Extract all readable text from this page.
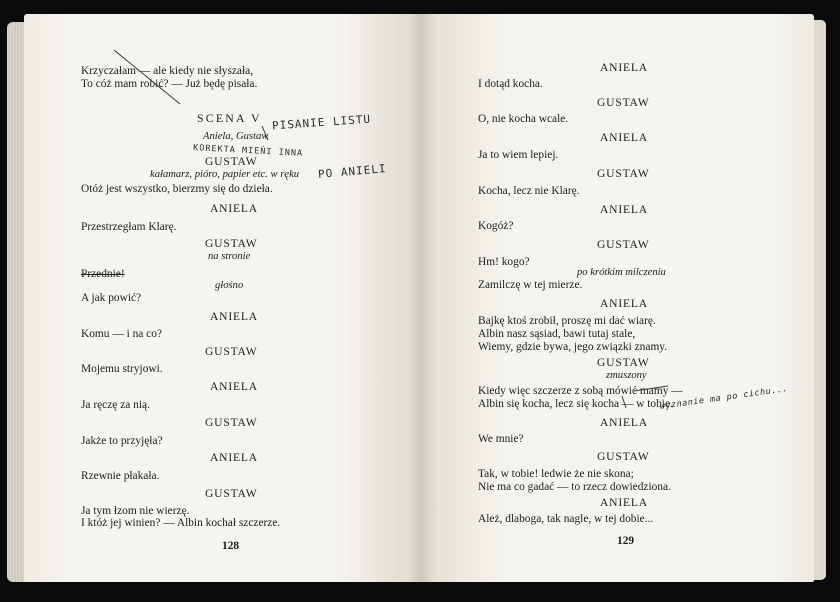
Krzyczałam — ale kiedy nie słyszała,
To cóż mam robić? — Już będę pisała.
SCENA V
Aniela, Gustaw
GUSTAW
kałamarz, pióro, papier etc. w ręku
Otóż jest wszystko, bierzmy się do dzieła.
ANIELA
Przestrzegłam Klarę.
GUSTAW
na stronie
Przednie!
głośno
A jak powić?
ANIELA
Komu — i na co?
GUSTAW
Mojemu stryjowi.
ANIELA
Ja ręczę za nią.
GUSTAW
Jakże to przyjęła?
ANIELA
Rzewnie płakała.
GUSTAW
Ja tym łzom nie wierzę.
I któż jej winien? — Albin kochał szczerze.
128
PISANIE LISTU
KOREKTA MIEŃI INNA
PO ANIELI
ANIELA
I dotąd kocha.
GUSTAW
O, nie kocha wcale.
ANIELA
Ja to wiem lepiej.
GUSTAW
Kocha, lecz nie Klarę.
ANIELA
Kogóż?
GUSTAW
Hm! kogo?
po krótkim milczeniu
Zamilczę w tej mierze.
ANIELA
Bajkę ktoś zrobił, proszę mi dać wiarę.
Albin nasz sąsiad, bawi tutaj stale,
Wiemy, gdzie bywa, jego związki znamy.
GUSTAW
zmuszony
Kiedy więc szczerze z sobą mówić mamy —
Albin się kocha, lecz się kocha — w tobie.
ANIELA
We mnie?
GUSTAW
Tak, w tobie! ledwie że nie skona;
Nie ma co gadać — to rzecz dowiedziona.
ANIELA
Ależ, dlaboga, tak nagle, w tej dobie...
129
wyznanie ma po cichu...
